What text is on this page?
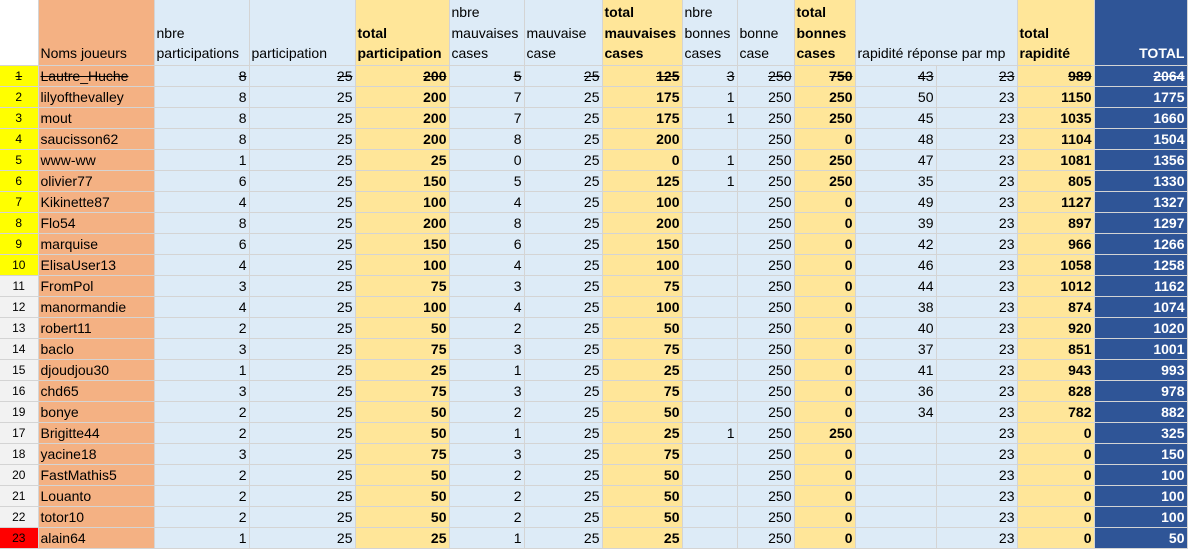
	Noms joueurs	nbre participations	participation	total participation	nbre mauvaises cases	mauvaise case	total mauvaises cases	nbre bonnes cases	bonne case	total bonnes cases	rapidité réponse par mp		total rapidité	TOTAL
1	Lautre_Huche	8	25	200	5	25	125	3	250	750	43	23	989	2064
2	lilyofthevalley	8	25	200	7	25	175	1	250	250	50	23	1150	1775
3	mout	8	25	200	7	25	175	1	250	250	45	23	1035	1660
4	saucisson62	8	25	200	8	25	200		250	0	48	23	1104	1504
5	www-ww	1	25	25	0	25	0	1	250	250	47	23	1081	1356
6	olivier77	6	25	150	5	25	125	1	250	250	35	23	805	1330
7	Kikinette87	4	25	100	4	25	100		250	0	49	23	1127	1327
8	Flo54	8	25	200	8	25	200		250	0	39	23	897	1297
9	marquise	6	25	150	6	25	150		250	0	42	23	966	1266
10	ElisaUser13	4	25	100	4	25	100		250	0	46	23	1058	1258
11	FromPol	3	25	75	3	25	75		250	0	44	23	1012	1162
12	manormandie	4	25	100	4	25	100		250	0	38	23	874	1074
13	robert11	2	25	50	2	25	50		250	0	40	23	920	1020
14	baclo	3	25	75	3	25	75		250	0	37	23	851	1001
15	djoudjou30	1	25	25	1	25	25		250	0	41	23	943	993
16	chd65	3	25	75	3	25	75		250	0	36	23	828	978
19	bonye	2	25	50	2	25	50		250	0	34	23	782	882
17	Brigitte44	2	25	50	1	25	25	1	250	250		23	0	325
18	yacine18	3	25	75	3	25	75		250	0		23	0	150
20	FastMathis5	2	25	50	2	25	50		250	0		23	0	100
21	Louanto	2	25	50	2	25	50		250	0		23	0	100
22	totor10	2	25	50	2	25	50		250	0		23	0	100
23	alain64	1	25	25	1	25	25		250	0		23	0	50
